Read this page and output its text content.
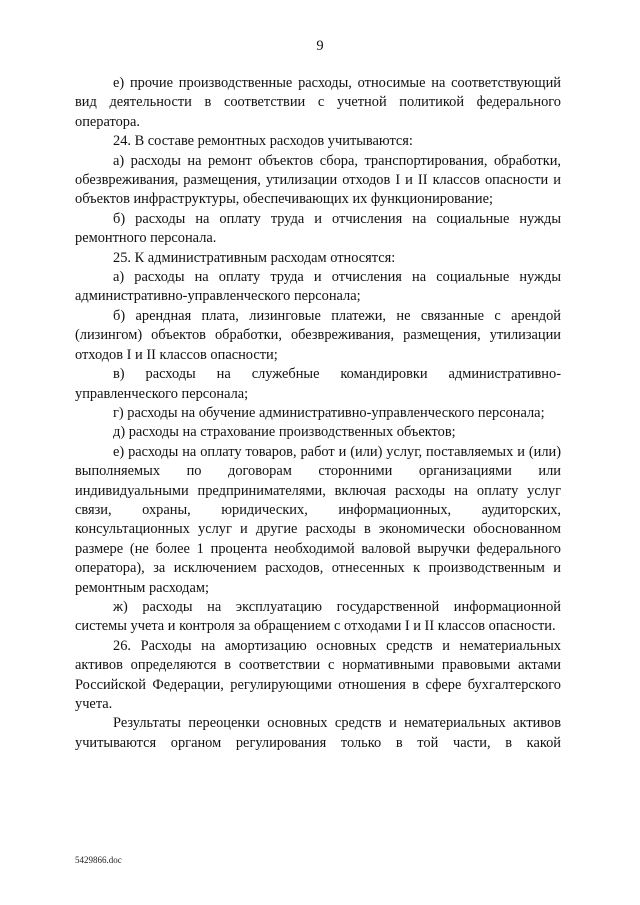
9

е) прочие производственные расходы, относимые на соответствующий вид деятельности в соответствии с учетной политикой федерального оператора.

24. В составе ремонтных расходов учитываются:

а) расходы на ремонт объектов сбора, транспортирования, обработки, обезвреживания, размещения, утилизации отходов I и II классов опасности и объектов инфраструктуры, обеспечивающих их функционирование;

б) расходы на оплату труда и отчисления на социальные нужды ремонтного персонала.

25. К административным расходам относятся:

а) расходы на оплату труда и отчисления на социальные нужды административно-управленческого персонала;

б) арендная плата, лизинговые платежи, не связанные с арендой (лизингом) объектов обработки, обезвреживания, размещения, утилизации отходов I и II классов опасности;

в) расходы на служебные командировки административно-управленческого персонала;

г) расходы на обучение административно-управленческого персонала;

д) расходы на страхование производственных объектов;

е) расходы на оплату товаров, работ и (или) услуг, поставляемых и (или) выполняемых по договорам сторонними организациями или индивидуальными предпринимателями, включая расходы на оплату услуг связи, охраны, юридических, информационных, аудиторских, консультационных услуг и другие расходы в экономически обоснованном размере (не более 1 процента необходимой валовой выручки федерального оператора), за исключением расходов, отнесенных к производственным и ремонтным расходам;

ж) расходы на эксплуатацию государственной информационной системы учета и контроля за обращением с отходами I и II классов опасности.

26. Расходы на амортизацию основных средств и нематериальных активов определяются в соответствии с нормативными правовыми актами Российской Федерации, регулирующими отношения в сфере бухгалтерского учета.

Результаты переоценки основных средств и нематериальных активов учитываются органом регулирования только в той части, в какой

5429866.doc
